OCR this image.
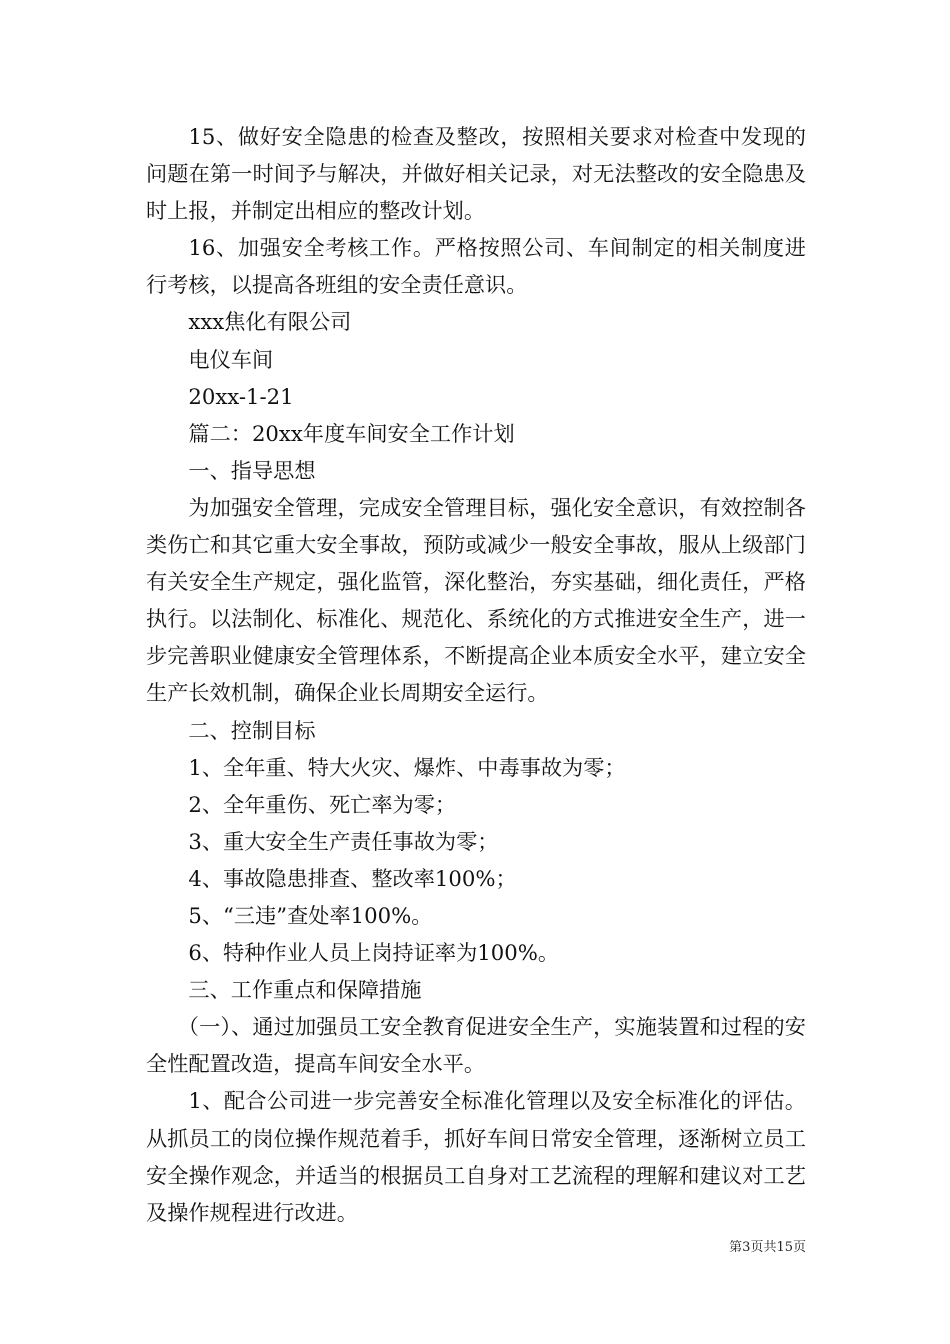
15、做好安全隐患的检查及整改，按照相关要求对检查中发现的问题在第一时间予与解决，并做好相关记录，对无法整改的安全隐患及时上报，并制定出相应的整改计划。

16、加强安全考核工作。严格按照公司、车间制定的相关制度进行考核，以提高各班组的安全责任意识。

xxx焦化有限公司

电仪车间

20xx-1-21

篇二：20xx年度车间安全工作计划

一、指导思想

为加强安全管理，完成安全管理目标，强化安全意识，有效控制各类伤亡和其它重大安全事故，预防或减少一般安全事故，服从上级部门有关安全生产规定，强化监管，深化整治，夯实基础，细化责任，严格执行。以法制化、标准化、规范化、系统化的方式推进安全生产，进一步完善职业健康安全管理体系，不断提高企业本质安全水平，建立安全生产长效机制，确保企业长周期安全运行。

二、控制目标

1、全年重、特大火灾、爆炸、中毒事故为零；

2、全年重伤、死亡率为零；

3、重大安全生产责任事故为零；

4、事故隐患排查、整改率100%；

5、“三违”查处率100%。

6、特种作业人员上岗持证率为100%。

三、工作重点和保障措施

（一）、通过加强员工安全教育促进安全生产，实施装置和过程的安全性配置改造，提高车间安全水平。

1、配合公司进一步完善安全标准化管理以及安全标准化的评估。从抓员工的岗位操作规范着手，抓好车间日常安全管理，逐渐树立员工安全操作观念，并适当的根据员工自身对工艺流程的理解和建议对工艺及操作规程进行改进。

第3页共15页
